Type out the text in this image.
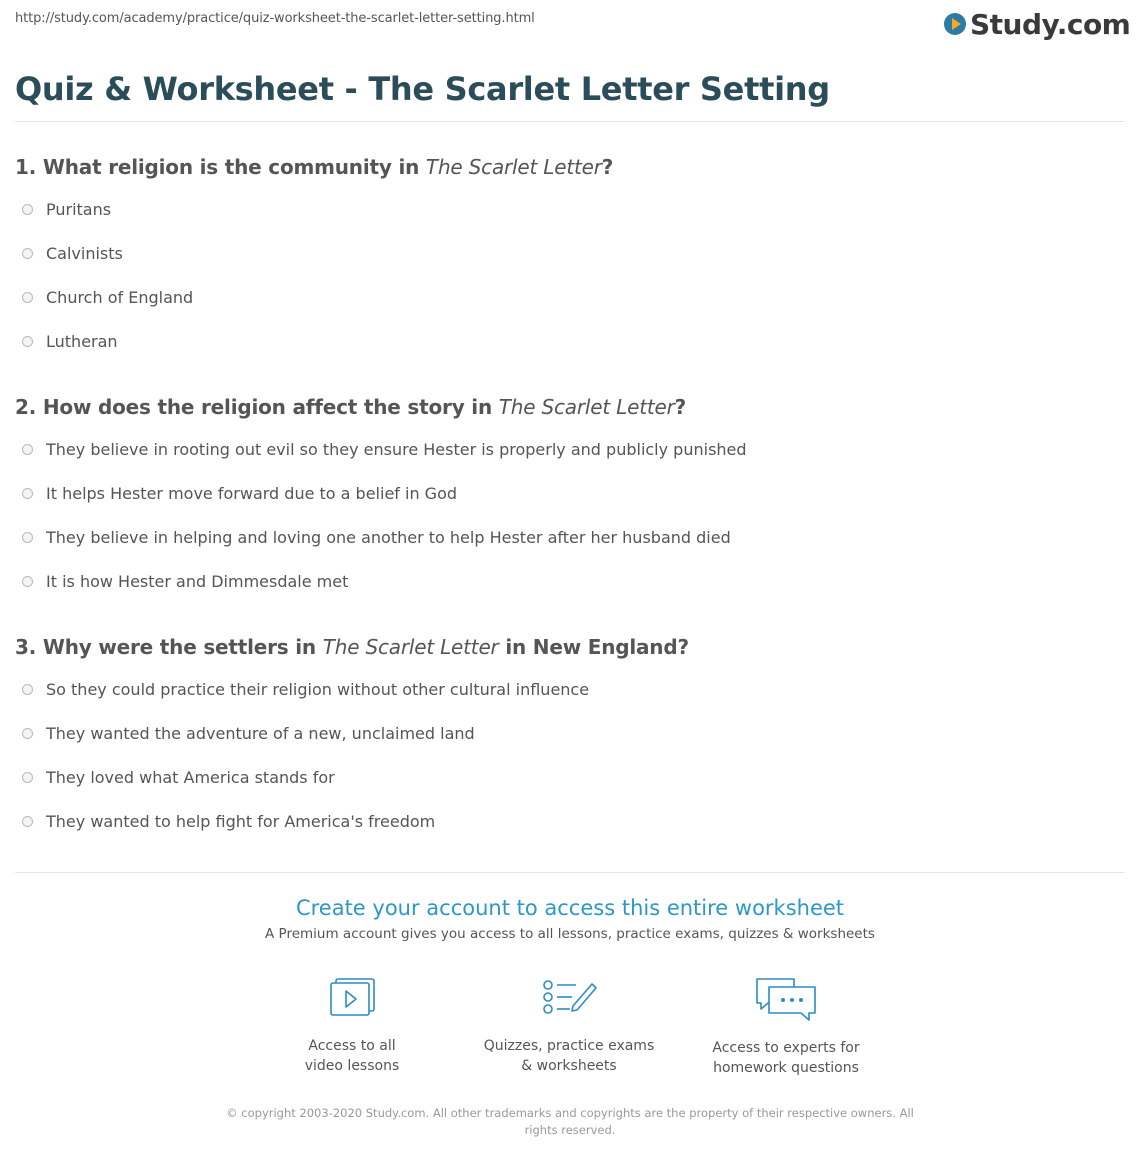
http://study.com/academy/practice/quiz-worksheet-the-scarlet-letter-setting.html	Study.com
Quiz & Worksheet - The Scarlet Letter Setting
1. What religion is the community in The Scarlet Letter?
Puritans
Calvinists
Church of England
Lutheran
2. How does the religion affect the story in The Scarlet Letter?
They believe in rooting out evil so they ensure Hester is properly and publicly punished
It helps Hester move forward due to a belief in God
They believe in helping and loving one another to help Hester after her husband died
It is how Hester and Dimmesdale met
3. Why were the settlers in The Scarlet Letter in New England?
So they could practice their religion without other cultural influence
They wanted the adventure of a new, unclaimed land
They loved what America stands for
They wanted to help fight for America's freedom
Create your account to access this entire worksheet
A Premium account gives you access to all lessons, practice exams, quizzes & worksheets
Access to all
video lessons
Quizzes, practice exams
& worksheets
Access to experts for
homework questions
© copyright 2003-2020 Study.com. All other trademarks and copyrights are the property of their respective owners. All rights reserved.
